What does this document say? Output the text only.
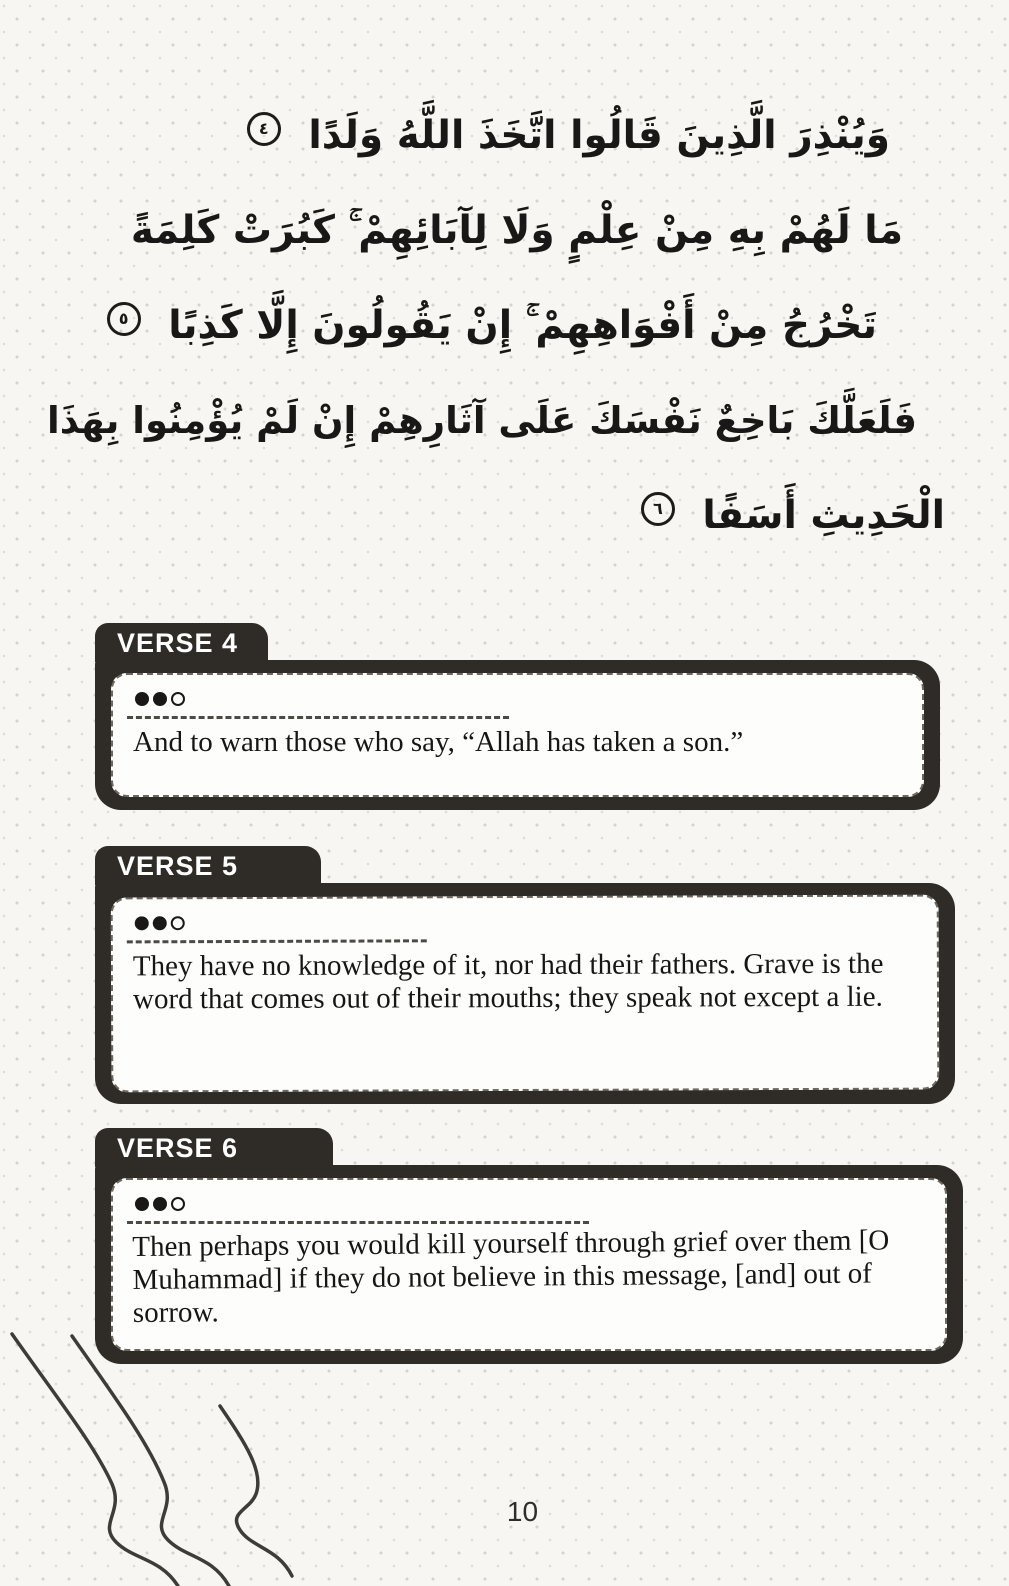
وَيُنْذِرَ الَّذِينَ قَالُوا اتَّخَذَ اللَّهُ وَلَدًا ٤
مَا لَهُمْ بِهِ مِنْ عِلْمٍ وَلَا لِآبَائِهِمْ ۚ كَبُرَتْ كَلِمَةً
تَخْرُجُ مِنْ أَفْوَاهِهِمْ ۚ إِنْ يَقُولُونَ إِلَّا كَذِبًا ٥
فَلَعَلَّكَ بَاخِعٌ نَفْسَكَ عَلَى آثَارِهِمْ إِنْ لَمْ يُؤْمِنُوا بِهَذَا
الْحَدِيثِ أَسَفًا ٦
VERSE 4

And to warn those who say, “Allah has taken a son.”

VERSE 5

They have no knowledge of it, nor had their fathers. Grave is the word that comes out of their mouths; they speak not except a lie.

VERSE 6

Then perhaps you would kill yourself through grief over them [O Muhammad] if they do not believe in this message, [and] out of sorrow.

10
